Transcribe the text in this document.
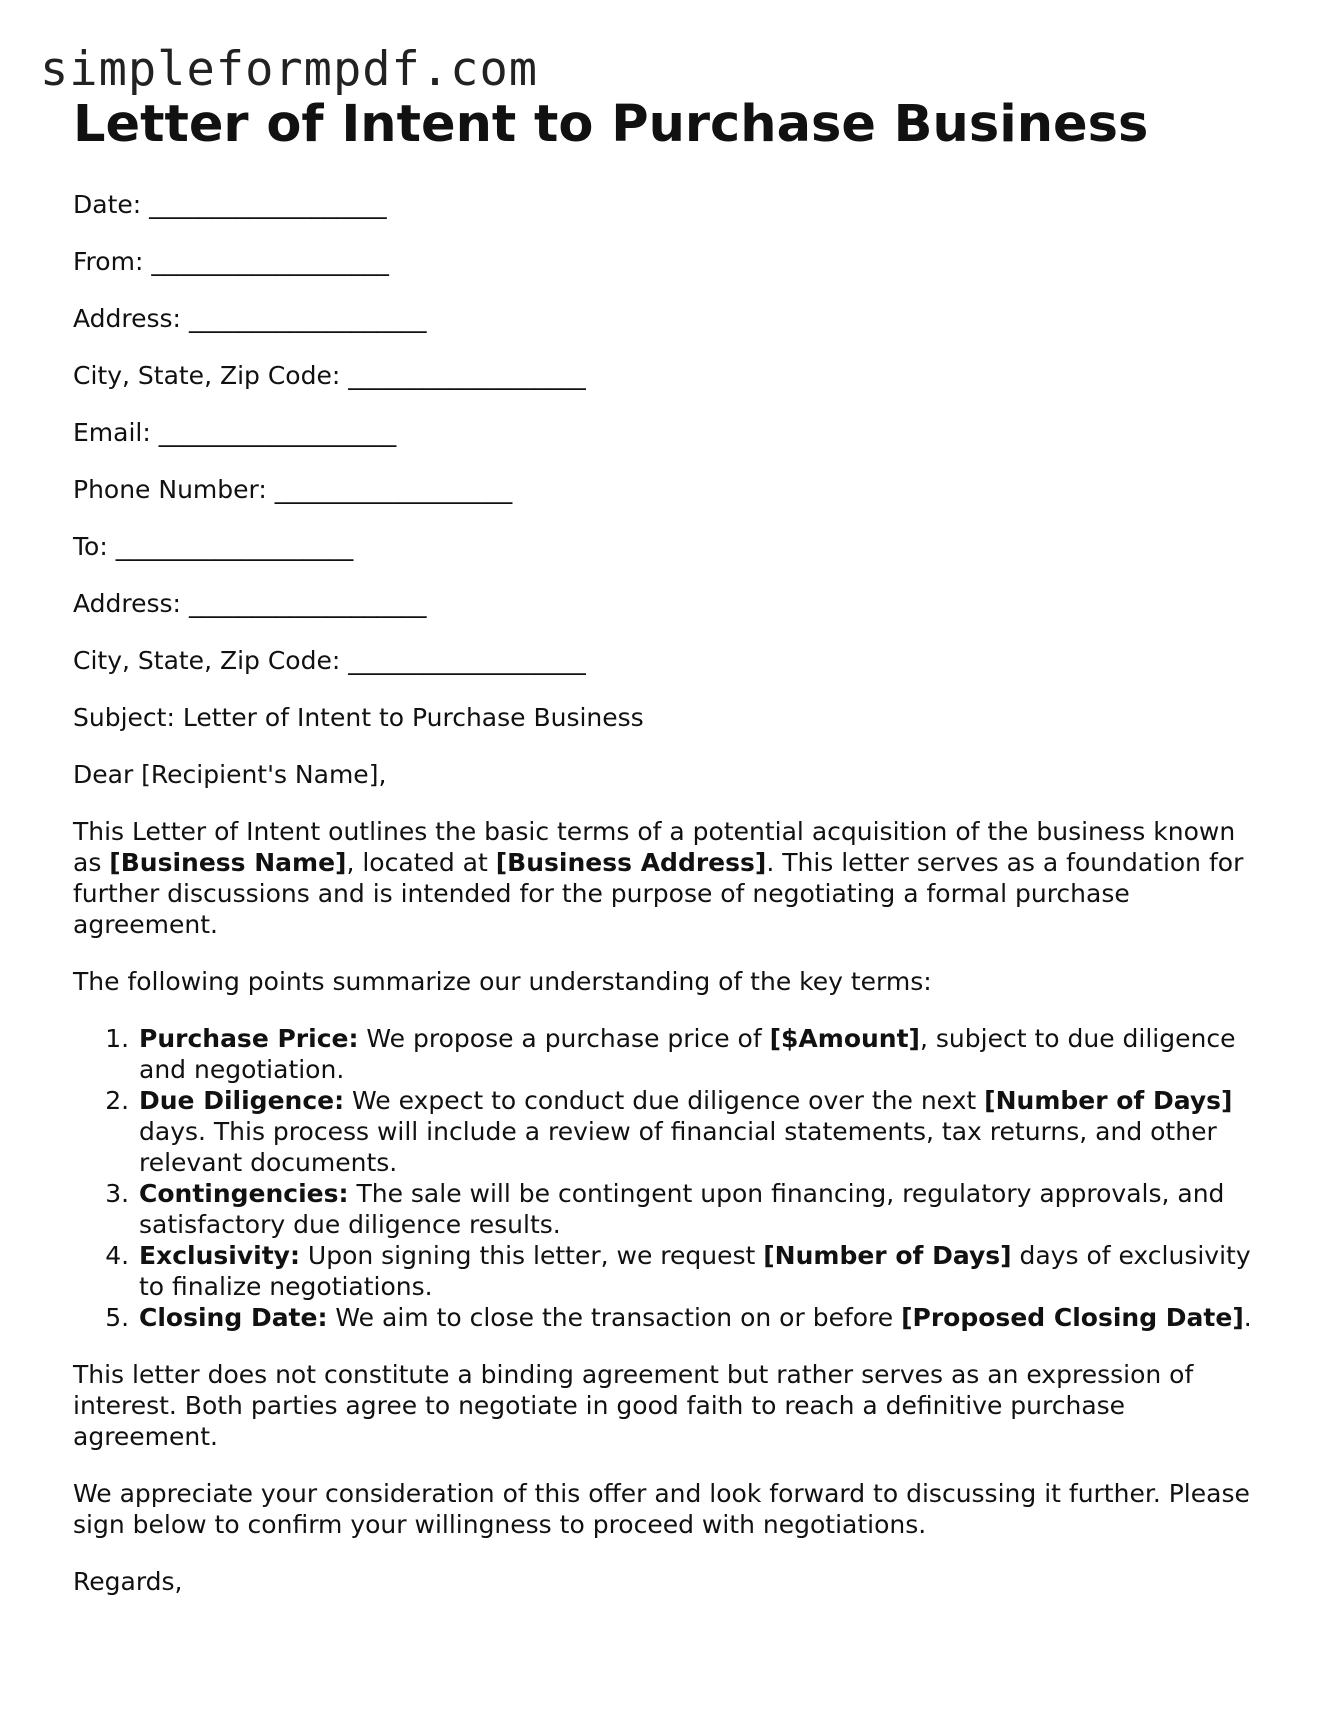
simpleformpdf.com
Letter of Intent to Purchase Business
Date: ___________________
From: ___________________
Address: ___________________
City, State, Zip Code: ___________________
Email: ___________________
Phone Number: ___________________
To: ___________________
Address: ___________________
City, State, Zip Code: ___________________

Subject: Letter of Intent to Purchase Business

Dear [Recipient's Name],

This Letter of Intent outlines the basic terms of a potential acquisition of the business known as [Business Name], located at [Business Address]. This letter serves as a foundation for further discussions and is intended for the purpose of negotiating a formal purchase agreement.

The following points summarize our understanding of the key terms:

1. Purchase Price: We propose a purchase price of [$Amount], subject to due diligence and negotiation.
2. Due Diligence: We expect to conduct due diligence over the next [Number of Days] days. This process will include a review of financial statements, tax returns, and other relevant documents.
3. Contingencies: The sale will be contingent upon financing, regulatory approvals, and satisfactory due diligence results.
4. Exclusivity: Upon signing this letter, we request [Number of Days] days of exclusivity to finalize negotiations.
5. Closing Date: We aim to close the transaction on or before [Proposed Closing Date].

This letter does not constitute a binding agreement but rather serves as an expression of interest. Both parties agree to negotiate in good faith to reach a definitive purchase agreement.

We appreciate your consideration of this offer and look forward to discussing it further. Please sign below to confirm your willingness to proceed with negotiations.

Regards,
